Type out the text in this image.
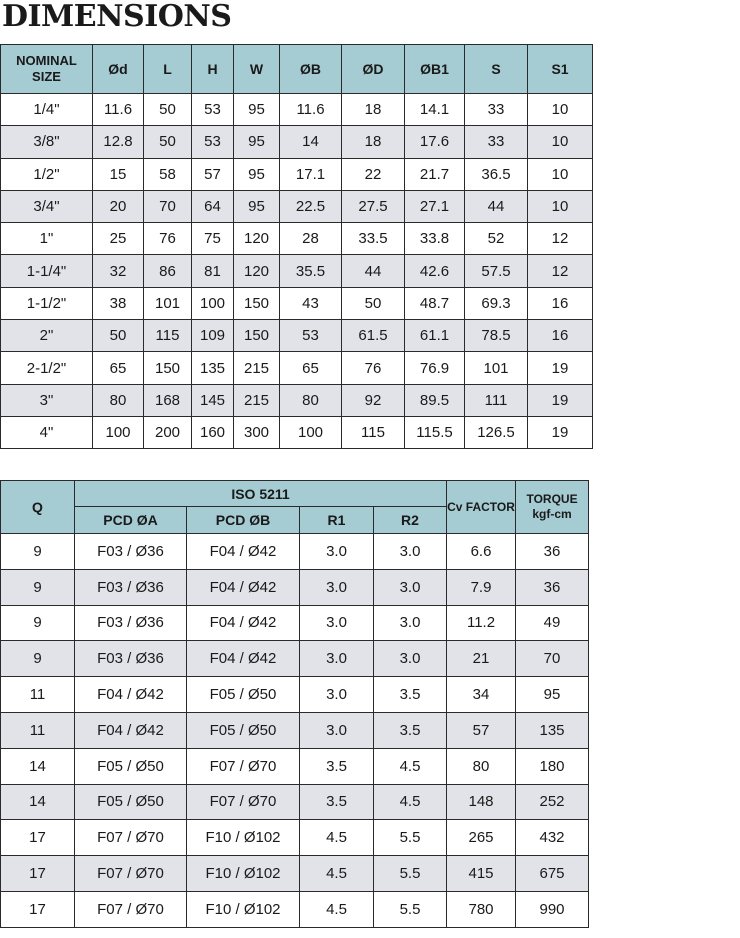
DIMENSIONS
NOMINAL SIZE	Ød	L	H	W	ØB	ØD	ØB1	S	S1
1/4"	11.6	50	53	95	11.6	18	14.1	33	10
3/8"	12.8	50	53	95	14	18	17.6	33	10
1/2"	15	58	57	95	17.1	22	21.7	36.5	10
3/4"	20	70	64	95	22.5	27.5	27.1	44	10
1"	25	76	75	120	28	33.5	33.8	52	12
1-1/4"	32	86	81	120	35.5	44	42.6	57.5	12
1-1/2"	38	101	100	150	43	50	48.7	69.3	16
2"	50	115	109	150	53	61.5	61.1	78.5	16
2-1/2"	65	150	135	215	65	76	76.9	101	19
3"	80	168	145	215	80	92	89.5	111	19
4"	100	200	160	300	100	115	115.5	126.5	19
Q	ISO 5211				Cv FACTOR	TORQUE kgf-cm
	PCD ØA	PCD ØB	R1	R2		
9	F03 / Ø36	F04 / Ø42	3.0	3.0	6.6	36
9	F03 / Ø36	F04 / Ø42	3.0	3.0	7.9	36
9	F03 / Ø36	F04 / Ø42	3.0	3.0	11.2	49
9	F03 / Ø36	F04 / Ø42	3.0	3.0	21	70
11	F04 / Ø42	F05 / Ø50	3.0	3.5	34	95
11	F04 / Ø42	F05 / Ø50	3.0	3.5	57	135
14	F05 / Ø50	F07 / Ø70	3.5	4.5	80	180
14	F05 / Ø50	F07 / Ø70	3.5	4.5	148	252
17	F07 / Ø70	F10 / Ø102	4.5	5.5	265	432
17	F07 / Ø70	F10 / Ø102	4.5	5.5	415	675
17	F07 / Ø70	F10 / Ø102	4.5	5.5	780	990
